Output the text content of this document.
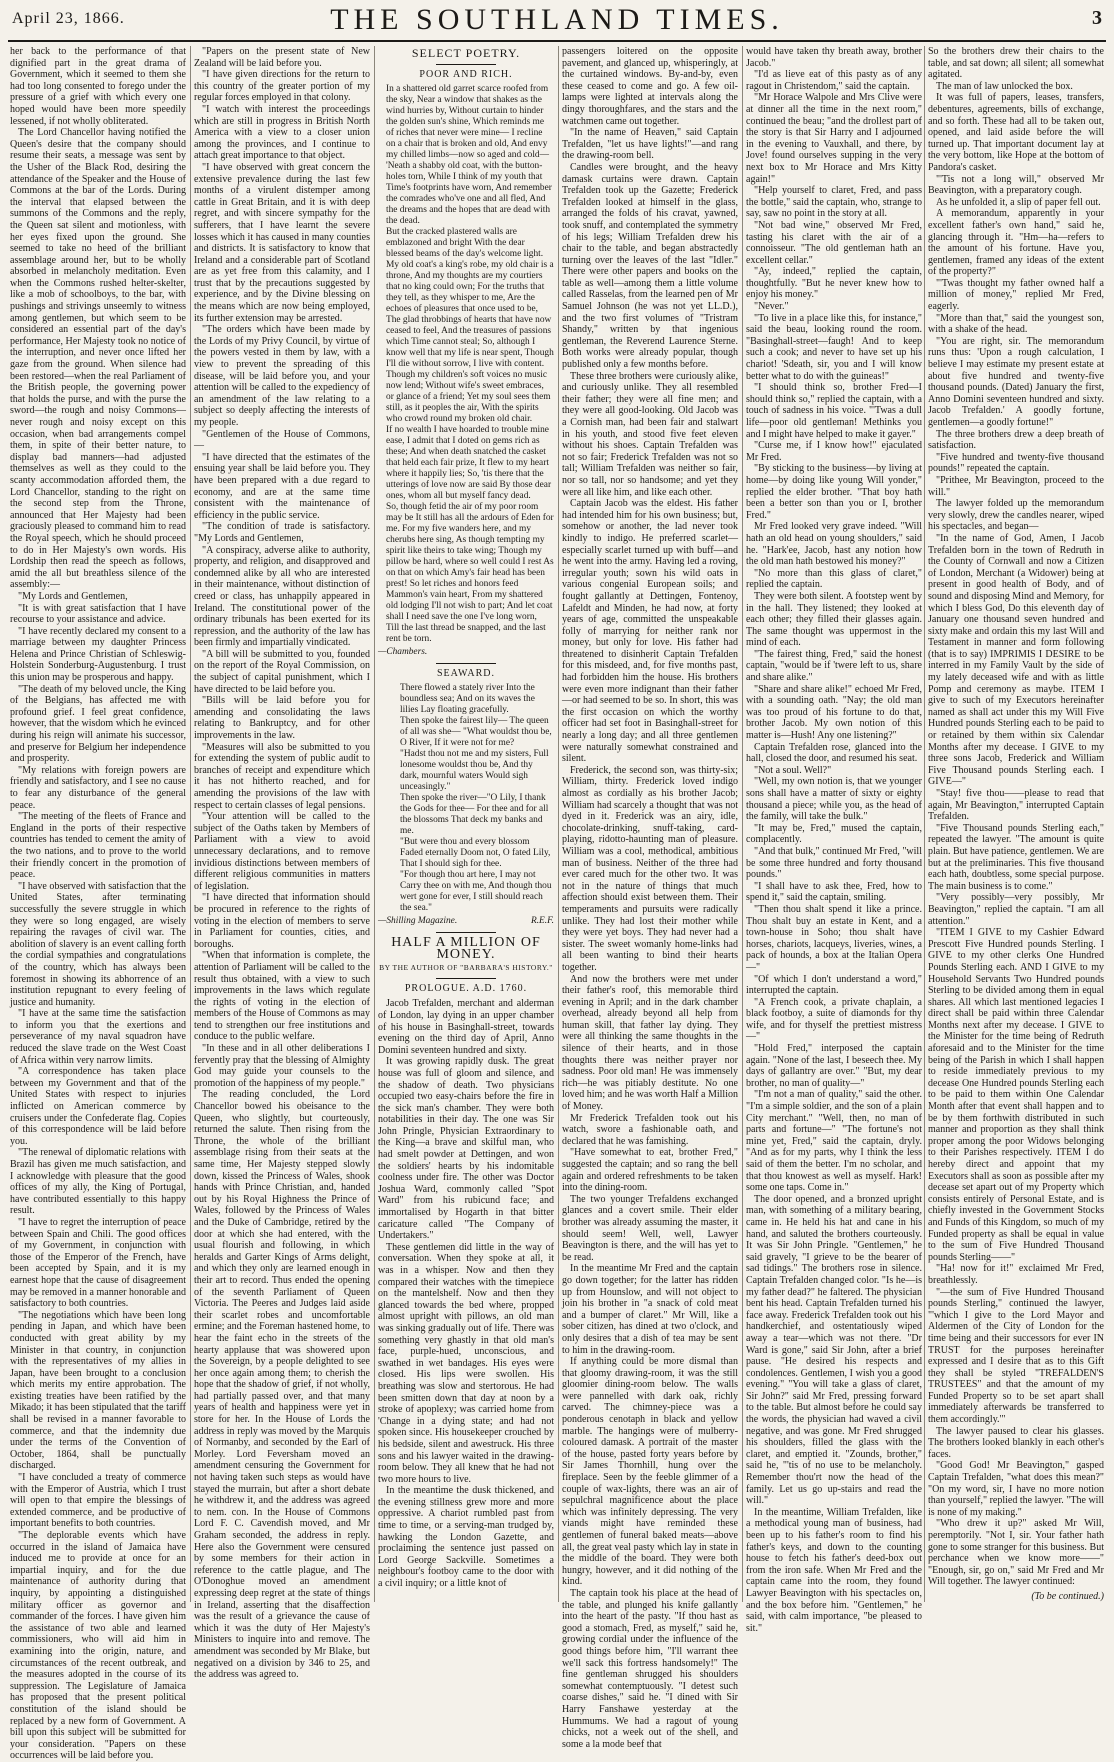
April 23, 1866.	THE SOUTHLAND TIMES.	3

her back to the performance of that dignified part in the great drama of Government, which it seemed to them she had too long consented to forego under the pressure of a grief with which every one hoped would have been more speedily lessened, if not wholly obliterated.

The Lord Chancellor having notified the Queen's desire that the company should resume their seats, a message was sent by the Usher of the Black Rod, desiring the attendance of the Speaker and the House of Commons at the bar of the Lords. During the interval that elapsed between the summons of the Commons and the reply, the Queen sat silent and motionless, with her eyes fixed upon the ground. She seemed to take no heed of the brilliant assemblage around her, but to be wholly absorbed in melancholy meditation. Even when the Commons rushed helter-skelter, like a mob of schoolboys, to the bar, with pushings and strivings unseemly to witness among gentlemen, but which seem to be considered an essential part of the day's performance, Her Majesty took no notice of the interruption, and never once lifted her gaze from the ground. When silence had been restored—when the real Parliament of the British people, the governing power that holds the purse, and with the purse the sword—the rough and noisy Commons—never rough and noisy except on this occasion, when bad arrangements compel them, in spite of their better nature, to display bad manners—had adjusted themselves as well as they could to the scanty accommodation afforded them, the Lord Chancellor, standing to the right on the second step from the Throne, announced that Her Majesty had been graciously pleased to command him to read the Royal speech, which he should proceed to do in Her Majesty's own words. His Lordship then read the speech as follows, amid the all but breathless silence of the assembly:—

"My Lords and Gentlemen,

"It is with great satisfaction that I have recourse to your assistance and advice.

"I have recently declared my consent to a marriage between my daughter Princess Helena and Prince Christian of Schleswig-Holstein Sonderburg-Augustenburg. I trust this union may be prosperous and happy.

"The death of my beloved uncle, the King of the Belgians, has affected me with profound grief. I feel great confidence, however, that the wisdom which he evinced during his reign will animate his successor, and preserve for Belgium her independence and prosperity.

"My relations with foreign powers are friendly and satisfactory, and I see no cause to fear any disturbance of the general peace.

"The meeting of the fleets of France and England in the ports of their respective countries has tended to cement the amity of the two nations, and to prove to the world their friendly concert in the promotion of peace.

"I have observed with satisfaction that the United States, after terminating successfully the severe struggle in which they were so long engaged, are wisely repairing the ravages of civil war. The abolition of slavery is an event calling forth the cordial sympathies and congratulations of the country, which has always been foremost in showing its abhorrence of an institution repugnant to every feeling of justice and humanity.

"I have at the same time the satisfaction to inform you that the exertions and perseverance of my naval squadron have reduced the slave trade on the West Coast of Africa within very narrow limits.

"A correspondence has taken place between my Government and that of the United States with respect to injuries inflicted on American commerce by cruisers under the Confederate flag. Copies of this correspondence will be laid before you.

"The renewal of diplomatic relations with Brazil has given me much satisfaction, and I acknowledge with pleasure that the good offices of my ally, the King of Portugal, have contributed essentially to this happy result.

"I have to regret the interruption of peace between Spain and Chili. The good offices of my Government, in conjunction with those of the Emperor of the French, have been accepted by Spain, and it is my earnest hope that the cause of disagreement may be removed in a manner honorable and satisfactory to both countries.

"The negotiations which have been long pending in Japan, and which have been conducted with great ability by my Minister in that country, in conjunction with the representatives of my allies in Japan, have been brought to a conclusion which merits my entire approbation. The existing treaties have been ratified by the Mikado; it has been stipulated that the tariff shall be revised in a manner favorable to commerce, and that the indemnity due under the terms of the Convention of October, 1864, shall be punctually discharged.

"I have concluded a treaty of commerce with the Emperor of Austria, which I trust will open to that empire the blessings of extended commerce, and be productive of important benefits to both countries.

"The deplorable events which have occurred in the island of Jamaica have induced me to provide at once for an impartial inquiry, and for the due maintenance of authority during that inquiry, by appointing a distinguished military officer as governor and commander of the forces. I have given him the assistance of two able and learned commissioners, who will aid him in examining into the origin, nature, and circumstances of the recent outbreak, and the measures adopted in the course of its suppression. The Legislature of Jamaica has proposed that the present political constitution of the island should be replaced by a new form of Government. A bill upon this subject will be submitted for your consideration. "Papers on these occurrences will be laid before you.

"Papers on the present state of New Zealand will be laid before you.

"I have given directions for the return to this country of the greater portion of my regular forces employed in that colony.

"I watch with interest the proceedings which are still in progress in British North America with a view to a closer union among the provinces, and I continue to attach great importance to that object.

"I have observed with great concern the extensive prevalence during the last few months of a virulent distemper among cattle in Great Britain, and it is with deep regret, and with sincere sympathy for the sufferers, that I have learnt the severe losses which it has caused in many counties and districts. It is satisfactory to know that Ireland and a considerable part of Scotland are as yet free from this calamity, and I trust that by the precautions suggested by experience, and by the Divine blessing on the means which are now being employed, its further extension may be arrested.

"The orders which have been made by the Lords of my Privy Council, by virtue of the powers vested in them by law, with a view to prevent the spreading of this disease, will be laid before you, and your attention will be called to the expediency of an amendment of the law relating to a subject so deeply affecting the interests of my people.

"Gentlemen of the House of Commons,—

"I have directed that the estimates of the ensuing year shall be laid before you. They have been prepared with a due regard to economy, and are at the same time consistent with the maintenance of efficiency in the public service.

"The condition of trade is satisfactory. "My Lords and Gentlemen,

"A conspiracy, adverse alike to authority, property, and religion, and disapproved and condemned alike by all who are interested in their maintenance, without distinction of creed or class, has unhappily appeared in Ireland. The constitutional power of the ordinary tribunals has been exerted for its repression, and the authority of the law has been firmly and impartially vindicated.

"A bill will be submitted to you, founded on the report of the Royal Commission, on the subject of capital punishment, which I have directed to be laid before you.

"Bills will be laid before you for amending and consolidating the laws relating to Bankruptcy, and for other improvements in the law.

"Measures will also be submitted to you for extending the system of public audit to branches of receipt and expenditure which it has not hitherto reached, and for amending the provisions of the law with respect to certain classes of legal pensions.

"Your attention will be called to the subject of the Oaths taken by Members of Parliament with a view to avoid unnecessary declarations, and to remove invidious distinctions between members of different religious communities in matters of legislation.

"I have directed that information should be procured in reference to the rights of voting in the election of members to serve in Parliament for counties, cities, and boroughs.

"When that information is complete, the attention of Parliament will be called to the result thus obtained, with a view to such improvements in the laws which regulate the rights of voting in the election of members of the House of Commons as may tend to strengthen our free institutions and conduce to the public welfare.

"In these and in all other deliberations I fervently pray that the blessing of Almighty God may guide your counsels to the promotion of the happiness of my people."

The reading concluded, the Lord Chancellor bowed his obeisance to the Queen, who slightly, but courteously, returned the salute. Then rising from the Throne, the whole of the brilliant assemblage rising from their seats at the same time, Her Majesty stepped slowly down, kissed the Princess of Wales, shook hands with Prince Christian, and, handed out by his Royal Highness the Prince of Wales, followed by the Princess of Wales and the Duke of Cambridge, retired by the door at which she had entered, with the usual flourish and following, in which heralds and Garter Kings of Arms delight, and which they only are learned enough in their art to record. Thus ended the opening of the seventh Parliament of Queen Victoria. The Peeres and Judges laid aside their scarlet robes and uncomfortable ermine; and the Foreman hastened home, to hear the faint echo in the streets of the hearty applause that was showered upon the Sovereign, by a people delighted to see her once again among them; to cherish the hope that the shadow of grief, if not wholly, had partially passed over, and that many years of health and happiness were yet in store for her. In the House of Lords the address in reply was moved by the Marquis of Normanby, and seconded by the Earl of Morley. Lord Feversham moved an amendment censuring the Government for not having taken such steps as would have stayed the murrain, but after a short debate he withdrew it, and the address was agreed to nem. con. In the House of Commons Lord F. C. Cavendish moved, and Mr Graham seconded, the address in reply. Here also the Government were censured by some members for their action in reference to the cattle plague, and The O'Donoghue moved an amendment expressing deep regret at the state of things in Ireland, asserting that the disaffection was the result of a grievance the cause of which it was the duty of Her Majesty's Ministers to inquire into and remove. The amendment was seconded by Mr Blake, but negatived on a division by 346 to 25, and the address was agreed to.

SELECT POETRY.
POOR AND RICH.

In a shattered old garret scarce roofed from the sky, Near a window that shakes as the wind hurries by, Without curtain to hinder the golden sun's shine, Which reminds me of riches that never were mine— I recline on a chair that is broken and old, And envy my chilled limbs—now so aged and cold—

'Neath a shabby old coat, with the button-holes torn, While I think of my youth that Time's footprints have worn, And remember the comrades who've one and all fled, And the dreams and the hopes that are dead with the dead.

But the cracked plastered walls are emblazoned and bright With the dear blessed beams of the day's welcome light. My old coat's a king's robe, my old chair is a throne, And my thoughts are my courtiers that no king could own; For the truths that they tell, as they whisper to me, Are the echoes of pleasures that once used to be,

The glad throbbings of hearts that have now ceased to feel, And the treasures of passions which Time cannot steal; So, although I know well that my life is near spent, Though I'll die without sorrow, I live with content.

Though my children's soft voices no music now lend; Without wife's sweet embraces, or glance of a friend; Yet my soul sees them still, as it peoples the air, With the spirits who crowd round my broken old chair.

If no wealth I have hoarded to trouble mine ease, I admit that I doted on gems rich as these; And when death snatched the casket that held each fair prize, It flew to my heart where it happily lies; So, 'tis there that the utterings of love now are said By those dear ones, whom all but myself fancy dead.

So, though fetid the air of my poor room may be It still has all the ardours of Eden for me. For my five wanders here, and my cherubs here sing, As though tempting my spirit like theirs to take wing; Though my pillow be hard, where so well could I rest As on that on which Amy's fair head has been prest! So let riches and honors feed Mammon's vain heart, From my shattered old lodging I'll not wish to part; And let coat shall I need save the one I've long worn,

Till the last thread be snapped, and the last rent be torn.

—Chambers.
SEAWARD.

There flowed a stately river Into the boundless sea; And on its waves the lilies Lay floating gracefully.

Then spoke the fairest lily— The queen of all was she— "What wouldst thou be, O River, If it were not for me?

"Hadst thou not me and my sisters, Full lonesome wouldst thou be, And thy dark, mournful waters Would sigh unceasingly."

Then spoke the river—"O Lily, I thank the Gods for thee— For thee and for all the blossoms That deck my banks and me.

"But were thou and every blossom Faded eternally Doom not, O fated Lily, That I should sigh for thee.

"For though thou art here, I may not Carry thee on with me, And though thou wert gone for ever, I still should reach the sea."

—Shilling Magazine.	R.E.F.
HALF A MILLION OF MONEY.
BY THE AUTHOR OF "BARBARA'S HISTORY."
PROLOGUE. A.D. 1760.

Jacob Trefalden, merchant and alderman of London, lay dying in an upper chamber of his house in Basinghall-street, towards evening on the third day of April, Anno Domini seventeen hundred and sixty.

It was growing rapidly dusk. The great house was full of gloom and silence, and the shadow of death. Two physicians occupied two easy-chairs before the fire in the sick man's chamber. They were both notabilities in their day. The one was Sir John Pringle, Physician Extraordinary to the King—a brave and skilful man, who had smelt powder at Dettingen, and won the soldiers' hearts by his indomitable coolness under fire. The other was Doctor Joshua Ward, commonly called "Spot Ward" from his rubicund face; and immortalised by Hogarth in that bitter caricature called "The Company of Undertakers."

These gentlemen did little in the way of conversation. When they spoke at all, it was in a whisper. Now and then they compared their watches with the timepiece on the mantelshelf. Now and then they glanced towards the bed where, propped almost upright with pillows, an old man was sinking gradually out of life. There was something very ghastly in that old man's face, purple-hued, unconscious, and swathed in wet bandages. His eyes were closed. His lips were swollen. His breathing was slow and stertorous. He had been smitten down that day at noon by a stroke of apoplexy; was carried home from 'Change in a dying state; and had not spoken since. His housekeeper crouched by his bedside, silent and awestruck. His three sons and his lawyer waited in the drawing-room below. They all knew that he had not two more hours to live.

In the meantime the dusk thickened, and the evening stillness grew more and more oppressive. A chariot rumbled past from time to time, or a serving-man trudged by, hawking the London Gazette, and proclaiming the sentence just passed on Lord George Sackville. Sometimes a neighbour's footboy came to the door with a civil inquiry; or a little knot of

passengers loitered on the opposite pavement, and glanced up, whisperingly, at the curtained windows. By-and-by, even these ceased to come and go. A few oil-lamps were lighted at intervals along the dingy thoroughfares, and the stars and the watchmen came out together.

"In the name of Heaven," said Captain Trefalden, "let us have lights!"—and rang the drawing-room bell.

Candles were brought, and the heavy damask curtains were drawn. Captain Trefalden took up the Gazette; Frederick Trefalden looked at himself in the glass, arranged the folds of his cravat, yawned, took snuff, and contemplated the symmetry of his legs; William Trefalden drew his chair to the table, and began abstractedly turning over the leaves of the last "Idler." There were other papers and books on the table as well—among them a little volume called Rasselas, from the learned pen of Mr Samuel Johnson (he was not yet LL.D.), and the two first volumes of "Tristram Shandy," written by that ingenious gentleman, the Reverend Laurence Sterne. Both works were already popular, though published only a few months before.

These three brothers were curiously alike, and curiously unlike. They all resembled their father; they were all fine men; and they were all good-looking. Old Jacob was a Cornish man, had been fair and stalwart in his youth, and stood five feet eleven without his shoes. Captain Trefalden was not so fair; Frederick Trefalden was not so tall; William Trefalden was neither so fair, nor so tall, nor so handsome; and yet they were all like him, and like each other.

Captain Jacob was the eldest. His father had intended him for his own business; but, somehow or another, the lad never took kindly to indigo. He preferred scarlet—especially scarlet turned up with buff—and he went into the army. Having led a roving, irregular youth; sown his wild oats in various congenial European soils; and fought gallantly at Dettingen, Fontenoy, Lafeldt and Minden, he had now, at forty years of age, committed the unspeakable folly of marrying for neither rank nor money, but only for love. His father had threatened to disinherit Captain Trefalden for this misdeed, and, for five months past, had forbidden him the house. His brothers were even more indignant than their father—or had seemed to be so. In short, this was the first occasion on which the worthy officer had set foot in Basinghall-street for nearly a long day; and all three gentlemen were naturally somewhat constrained and silent.

Frederick, the second son, was thirty-six; William, thirty. Frederick loved indigo almost as cordially as his brother Jacob; William had scarcely a thought that was not dyed in it. Frederick was an airy, idle, chocolate-drinking, snuff-taking, card-playing, ridotto-haunting man of pleasure. William was a cool, methodical, ambitious man of business. Neither of the three had ever cared much for the other two. It was not in the nature of things that much affection should exist between them. Their temperaments and pursuits were radically unlike. They had lost their mother while they were yet boys. They had never had a sister. The sweet womanly home-links had all been wanting to bind their hearts together.

And now the brothers were met under their father's roof, this memorable third evening in April; and in the dark chamber overhead, already beyond all help from human skill, that father lay dying. They were all thinking the same thoughts in the silence of their hearts, and in those thoughts there was neither prayer nor sadness. Poor old man! He was immensely rich—he was pitiably destitute. No one loved him; and he was worth Half a Million of Money.

Mr Frederick Trefalden took out his watch, swore a fashionable oath, and declared that he was famishing.

"Have somewhat to eat, brother Fred," suggested the captain; and so rang the bell again and ordered refreshments to be taken into the dining-room.

The two younger Trefaldens exchanged glances and a covert smile. Their elder brother was already assuming the master, it should seem! Well, well, Lawyer Beavington is there, and the will has yet to be read.

In the meantime Mr Fred and the captain go down together; for the latter has ridden up from Hounslow, and will not object to join his brother in "a snack of cold meat and a bumper of claret." Mr Will, like a sober citizen, has dined at two o'clock, and only desires that a dish of tea may be sent to him in the drawing-room.

If anything could be more dismal than that gloomy drawing-room, it was the still gloomier dining-room below. The walls were pannelled with dark oak, richly carved. The chimney-piece was a ponderous cenotaph in black and yellow marble. The hangings were of mulberry-coloured damask. A portrait of the master of the house, pasted forty years before by Sir James Thornhill, hung over the fireplace. Seen by the feeble glimmer of a couple of wax-lights, there was an air of sepulchral magnificence about the place which was infinitely depressing. The very viands might have reminded these gentlemen of funeral baked meats—above all, the great veal pasty which lay in state in the middle of the board. They were both hungry, however, and it did nothing of the kind.

The captain took his place at the head of the table, and plunged his knife gallantly into the heart of the pasty. "If thou hast as good a stomach, Fred, as myself," said he, growing cordial under the influence of the good things before him, "I'll warrant thee we'll sack this fortress handsomely!" The fine gentleman shrugged his shoulders somewhat contemptuously. "I detest such coarse dishes," said he. "I dined with Sir Harry Fanshawe yesterday at the Hummums. We had a ragout of young chicks, not a week out of the shell, and some a la mode beef that

would have taken thy breath away, brother Jacob."

"I'd as lieve eat of this pasty as of any ragout in Christendom," said the captain.

"Mr Horace Walpole and Mrs Clive were at dinner all the time in the next room," continued the beau; "and the drollest part of the story is that Sir Harry and I adjourned in the evening to Vauxhall, and there, by Jove! found ourselves supping in the very next box to Mr Horace and Mrs Kitty again!"

"Help yourself to claret, Fred, and pass the bottle," said the captain, who, strange to say, saw no point in the story at all.

"Not bad wine," observed Mr Fred, tasting his claret with the air of a connoisseur. "The old gentleman hath an excellent cellar."

"Ay, indeed," replied the captain, thoughtfully. "But he never knew how to enjoy his money."

"Never."

"To live in a place like this, for instance," said the beau, looking round the room. "Basinghall-street—faugh! And to keep such a cook; and never to have set up his chariot! 'Sdeath, sir, you and I will know better what to do with the guineas!"

"I should think so, brother Fred—I should think so," replied the captain, with a touch of sadness in his voice. "'Twas a dull life—poor old gentleman! Methinks you and I might have helped to make it gayer."

"Curse me, if I know how!" ejaculated Mr Fred.

"By sticking to the business—by living at home—by doing like young Will yonder," replied the elder brother. "That boy hath been a better son than you or I, brother Fred."

Mr Fred looked very grave indeed. "Will hath an old head on young shoulders," said he. "Hark'ee, Jacob, hast any notion how the old man hath bestowed his money?"

"No more than this glass of claret," replied the captain.

They were both silent. A footstep went by in the hall. They listened; they looked at each other; they filled their glasses again. The same thought was uppermost in the mind of each.

"The fairest thing, Fred," said the honest captain, "would be if 'twere left to us, share and share alike."

"Share and share alike!" echoed Mr Fred, with a sounding oath. "Nay; the old man was too proud of his fortune to do that, brother Jacob. My own notion of this matter is—Hush! Any one listening?"

Captain Trefalden rose, glanced into the hall, closed the door, and resumed his seat.

"Not a soul. Well?"

"Well, my own notion is, that we younger sons shall have a matter of sixty or eighty thousand a piece; while you, as the head of the family, will take the bulk."

"It may be, Fred," mused the captain, complacently.

"And that bulk," continued Mr Fred, "will be some three hundred and forty thousand pounds."

"I shall have to ask thee, Fred, how to spend it," said the captain, smiling.

"Then thou shalt spend it like a prince. Thou shalt buy an estate in Kent, and a town-house in Soho; thou shalt have horses, chariots, lacqueys, liveries, wines, a pack of hounds, a box at the Italian Opera—"

"Of which I don't understand a word," interrupted the captain.

"A French cook, a private chaplain, a black footboy, a suite of diamonds for thy wife, and for thyself the prettiest mistress—"

"Hold Fred," interposed the captain again. "None of the last, I beseech thee. My days of gallantry are over." "But, my dear brother, no man of quality—"

"I'm not a man of quality," said the other. "I'm a simple soldier, and the son of a plain City merchant." "Well, then, no man of parts and fortune—" "The fortune's not mine yet, Fred," said the captain, dryly. "And as for my parts, why I think the less said of them the better. I'm no scholar, and that thou knowest as well as myself. Hark! some one taps. Come in."

The door opened, and a bronzed upright man, with something of a military bearing, came in. He held his hat and cane in his hand, and saluted the brothers courteously. It was Sir John Pringle. "Gentlemen," he said gravely, "I grieve to be the bearer of sad tidings." The brothers rose in silence. Captain Trefalden changed color. "Is he—is my father dead?" he faltered. The physician bent his head. Captain Trefalden turned his face away. Frederick Trefalden took out his handkerchief, and ostentatiously wiped away a tear—which was not there. "Dr Ward is gone," said Sir John, after a brief pause. "He desired his respects and condolences. Gentlemen, I wish you a good evening." "You will take a glass of claret, Sir John?" said Mr Fred, pressing forward to the table. But almost before he could say the words, the physician had waved a civil negative, and was gone. Mr Fred shrugged his shoulders, filled the glass with the claret, and emptied it. "Zounds, brother," said he, "'tis of no use to be melancholy. Remember thou'rt now the head of the family. Let us go up-stairs and read the will."

In the meantime, William Trefalden, like a methodical young man of business, had been up to his father's room to find his father's keys, and down to the counting house to fetch his father's deed-box out from the iron safe. When Mr Fred and the captain came into the room, they found Lawyer Beavington with his spectacles on, and the box before him. "Gentlemen," he said, with calm importance, "be pleased to sit."

So the brothers drew their chairs to the table, and sat down; all silent; all somewhat agitated.

The man of law unlocked the box.

It was full of papers, leases, transfers, debentures, agreements, bills of exchange, and so forth. These had all to be taken out, opened, and laid aside before the will turned up. That important document lay at the very bottom, like Hope at the bottom of Pandora's casket.

"'Tis not a long will," observed Mr Beavington, with a preparatory cough.

As he unfolded it, a slip of paper fell out.

A memorandum, apparently in your excellent father's own hand," said he, glancing through it. "Hm—ha—refers to the amount of his fortune. Have you, gentlemen, framed any ideas of the extent of the property?"

"'Twas thought my father owned half a million of money," replied Mr Fred, eagerly.

"More than that," said the youngest son, with a shake of the head.

"You are right, sir. The memorandum runs thus: 'Upon a rough calculation, I believe I may estimate my present estate at about five hundred and twenty-five thousand pounds. (Dated) January the first, Anno Domini seventeen hundred and sixty. Jacob Trefalden.' A goodly fortune, gentlemen—a goodly fortune!"

The three brothers drew a deep breath of satisfaction.

"Five hundred and twenty-five thousand pounds!" repeated the captain.

"Prithee, Mr Beavington, proceed to the will."

The lawyer folded up the memorandum very slowly, drew the candles nearer, wiped his spectacles, and began—

"In the name of God, Amen, I Jacob Trefalden born in the town of Redruth in the County of Cornwall and now a Citizen of London, Merchant (a Widower) being at present in good health of Body, and of sound and disposing Mind and Memory, for which I bless God, Do this eleventh day of January one thousand seven hundred and sixty make and ordain this my last Will and Testament in manner and form following (that is to say) IMPRIMIS I DESIRE to be interred in my Family Vault by the side of my lately deceased wife and with as little Pomp and ceremony as maybe. ITEM I give to such of my Executors hereinafter named as shall act under this my Will Five Hundred pounds Sterling each to be paid to or retained by them within six Calendar Months after my decease. I GIVE to my three sons Jacob, Frederick and William Five Thousand pounds Sterling each. I GIVE—"

"Stay! five thou——please to read that again, Mr Beavington," interrupted Captain Trefalden.

"Five Thousand pounds Sterling each," repeated the lawyer. "The amount is quite plain. But have patience, gentlemen. We are but at the preliminaries. This five thousand each hath, doubtless, some special purpose. The main business is to come."

"Very possibly—very possibly, Mr Beavington," replied the captain. "I am all attention."

"ITEM I GIVE to my Cashier Edward Prescott Five Hundred pounds Sterling. I GIVE to my other clerks One Hundred Pounds Sterling each. AND I GIVE to my Household Servants Two Hundred pounds Sterling to be divided among them in equal shares. All which last mentioned legacies I direct shall be paid within three Calendar Months next after my decease. I GIVE to the Minister for the time being of Redruth aforesaid and to the Minister for the time being of the Parish in which I shall happen to reside immediately previous to my decease One Hundred pounds Sterling each to be paid to them within One Calendar Month after that event shall happen and to be by them forthwith distributed in such manner and proportion as they shall think proper among the poor Widows belonging to their Parishes respectively. ITEM I do hereby direct and appoint that my Executors shall as soon as possible after my decease set apart out of my Property which consists entirely of Personal Estate, and is chiefly invested in the Government Stocks and Funds of this Kingdom, so much of my Funded property as shall be equal in value to the sum of Five Hundred Thousand pounds Sterling——"

"Ha! now for it!" exclaimed Mr Fred, breathlessly.

"—the sum of Five Hundred Thousand pounds Sterling," continued the lawyer, "'which I give to the Lord Mayor and Aldermen of the City of London for the time being and their successors for ever IN TRUST for the purposes hereinafter expressed and I desire that as to this Gift they shall be styled "TREFALDEN'S TRUSTEES" and that the amount of my Funded Property so to be set apart shall immediately afterwards be transferred to them accordingly.'"

The lawyer paused to clear his glasses. The brothers looked blankly in each other's faces.

"Good God! Mr Beavington," gasped Captain Trefalden, "what does this mean?" "On my word, sir, I have no more notion than yourself," replied the lawyer. "The will is none of my making."

"Who drew it up?" asked Mr Will, peremptorily. "Not I, sir. Your father hath gone to some stranger for this business. But perchance when we know more——" "Enough, sir, go on," said Mr Fred and Mr Will together. The lawyer continued:

(To be continued.)
